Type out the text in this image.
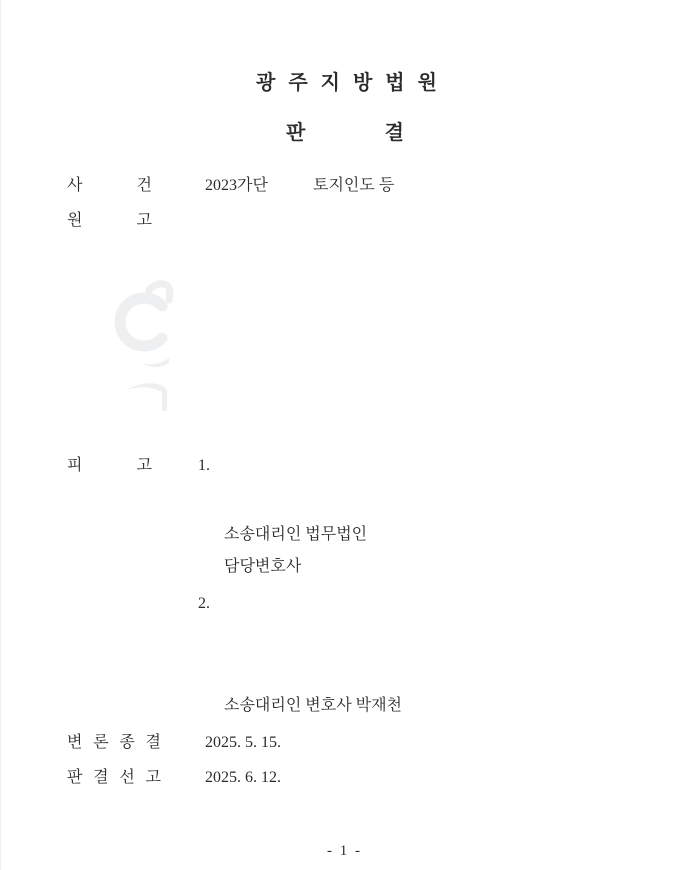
광 주 지 방 법 원
판 결
사 건	2023가단	토지인도 등
원 고
피 고	1.
소송대리인 법무법인
담당변호사
2.
소송대리인 변호사 박재천
변 론 종 결	2025. 5. 15.
판 결 선 고	2025. 6. 12.
- 1 -
